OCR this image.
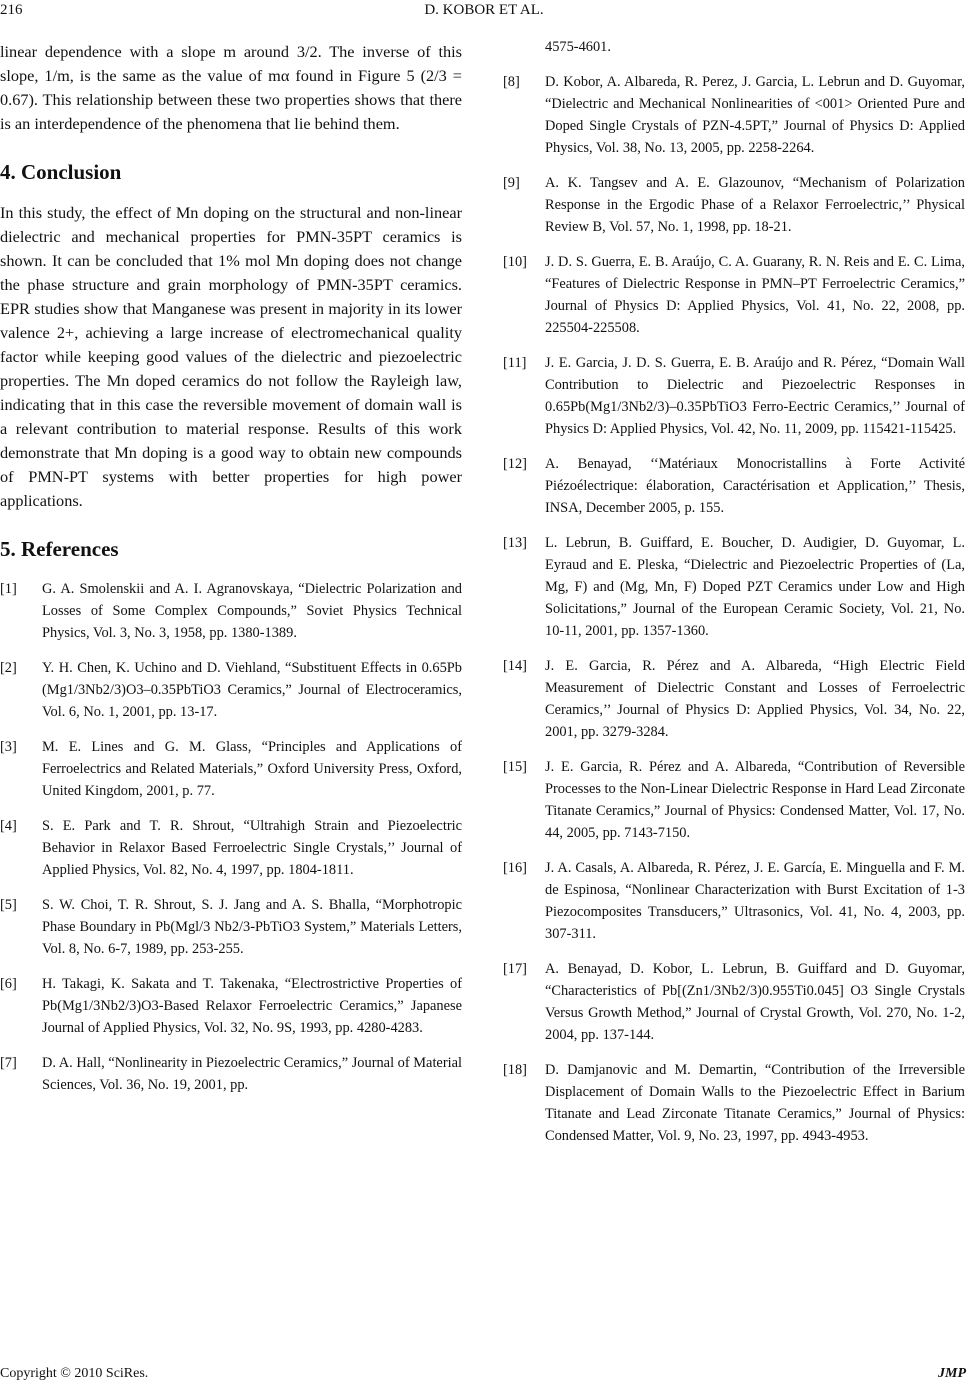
216	D. KOBOR ET AL.

linear dependence with a slope m around 3/2. The inverse of this slope, 1/m, is the same as the value of mα found in Figure 5 (2/3 = 0.67). This relationship between these two properties shows that there is an interdependence of the phenomena that lie behind them.

4. Conclusion

In this study, the effect of Mn doping on the structural and non-linear dielectric and mechanical properties for PMN-35PT ceramics is shown. It can be concluded that 1% mol Mn doping does not change the phase structure and grain morphology of PMN-35PT ceramics. EPR studies show that Manganese was present in majority in its lower valence 2+, achieving a large increase of electromechanical quality factor while keeping good values of the dielectric and piezoelectric properties. The Mn doped ceramics do not follow the Rayleigh law, indicating that in this case the reversible movement of domain wall is a relevant contribution to material response. Results of this work demonstrate that Mn doping is a good way to obtain new compounds of PMN-PT systems with better properties for high power applications.

5. References
[1] G. A. Smolenskii and A. I. Agranovskaya, “Dielectric Polarization and Losses of Some Complex Compounds,” Soviet Physics Technical Physics, Vol. 3, No. 3, 1958, pp. 1380-1389.
[2] Y. H. Chen, K. Uchino and D. Viehland, “Substituent Effects in 0.65Pb (Mg1/3Nb2/3)O3–0.35PbTiO3 Ceramics,” Journal of Electroceramics, Vol. 6, No. 1, 2001, pp. 13-17.
[3] M. E. Lines and G. M. Glass, “Principles and Applications of Ferroelectrics and Related Materials,” Oxford University Press, Oxford, United Kingdom, 2001, p. 77.
[4] S. E. Park and T. R. Shrout, “Ultrahigh Strain and Piezoelectric Behavior in Relaxor Based Ferroelectric Single Crystals,’’ Journal of Applied Physics, Vol. 82, No. 4, 1997, pp. 1804-1811.
[5] S. W. Choi, T. R. Shrout, S. J. Jang and A. S. Bhalla, “Morphotropic Phase Boundary in Pb(Mgl/3 Nb2/3-PbTiO3 System,” Materials Letters, Vol. 8, No. 6-7, 1989, pp. 253-255.
[6] H. Takagi, K. Sakata and T. Takenaka, “Electrostrictive Properties of Pb(Mg1/3Nb2/3)O3-Based Relaxor Ferroelectric Ceramics,” Japanese Journal of Applied Physics, Vol. 32, No. 9S, 1993, pp. 4280-4283.
[7] D. A. Hall, “Nonlinearity in Piezoelectric Ceramics,” Journal of Material Sciences, Vol. 36, No. 19, 2001, pp.
4575-4601.
[8] D. Kobor, A. Albareda, R. Perez, J. Garcia, L. Lebrun and D. Guyomar, “Dielectric and Mechanical Nonlinearities of <001> Oriented Pure and Doped Single Crystals of PZN-4.5PT,” Journal of Physics D: Applied Physics, Vol. 38, No. 13, 2005, pp. 2258-2264.
[9] A. K. Tangsev and A. E. Glazounov, “Mechanism of Polarization Response in the Ergodic Phase of a Relaxor Ferroelectric,’’ Physical Review B, Vol. 57, No. 1, 1998, pp. 18-21.
[10] J. D. S. Guerra, E. B. Araújo, C. A. Guarany, R. N. Reis and E. C. Lima, “Features of Dielectric Response in PMN–PT Ferroelectric Ceramics,” Journal of Physics D: Applied Physics, Vol. 41, No. 22, 2008, pp. 225504-225508.
[11] J. E. Garcia, J. D. S. Guerra, E. B. Araújo and R. Pérez, “Domain Wall Contribution to Dielectric and Piezoelectric Responses in 0.65Pb(Mg1/3Nb2/3)–0.35PbTiO3 Ferro-Eectric Ceramics,’’ Journal of Physics D: Applied Physics, Vol. 42, No. 11, 2009, pp. 115421-115425.
[12] A. Benayad, ‘‘Matériaux Monocristallins à Forte Activité Piézoélectrique: élaboration, Caractérisation et Application,’’ Thesis, INSA, December 2005, p. 155.
[13] L. Lebrun, B. Guiffard, E. Boucher, D. Audigier, D. Guyomar, L. Eyraud and E. Pleska, “Dielectric and Piezoelectric Properties of (La, Mg, F) and (Mg, Mn, F) Doped PZT Ceramics under Low and High Solicitations,” Journal of the European Ceramic Society, Vol. 21, No. 10-11, 2001, pp. 1357-1360.
[14] J. E. Garcia, R. Pérez and A. Albareda, “High Electric Field Measurement of Dielectric Constant and Losses of Ferroelectric Ceramics,’’ Journal of Physics D: Applied Physics, Vol. 34, No. 22, 2001, pp. 3279-3284.
[15] J. E. Garcia, R. Pérez and A. Albareda, “Contribution of Reversible Processes to the Non-Linear Dielectric Response in Hard Lead Zirconate Titanate Ceramics,” Journal of Physics: Condensed Matter, Vol. 17, No. 44, 2005, pp. 7143-7150.
[16] J. A. Casals, A. Albareda, R. Pérez, J. E. García, E. Minguella and F. M. de Espinosa, “Nonlinear Characterization with Burst Excitation of 1-3 Piezocomposites Transducers,” Ultrasonics, Vol. 41, No. 4, 2003, pp. 307-311.
[17] A. Benayad, D. Kobor, L. Lebrun, B. Guiffard and D. Guyomar, “Characteristics of Pb[(Zn1/3Nb2/3)0.955Ti0.045] O3 Single Crystals Versus Growth Method,” Journal of Crystal Growth, Vol. 270, No. 1-2, 2004, pp. 137-144.
[18] D. Damjanovic and M. Demartin, “Contribution of the Irreversible Displacement of Domain Walls to the Piezoelectric Effect in Barium Titanate and Lead Zirconate Titanate Ceramics,” Journal of Physics: Condensed Matter, Vol. 9, No. 23, 1997, pp. 4943-4953.
Copyright © 2010 SciRes.	JMP
